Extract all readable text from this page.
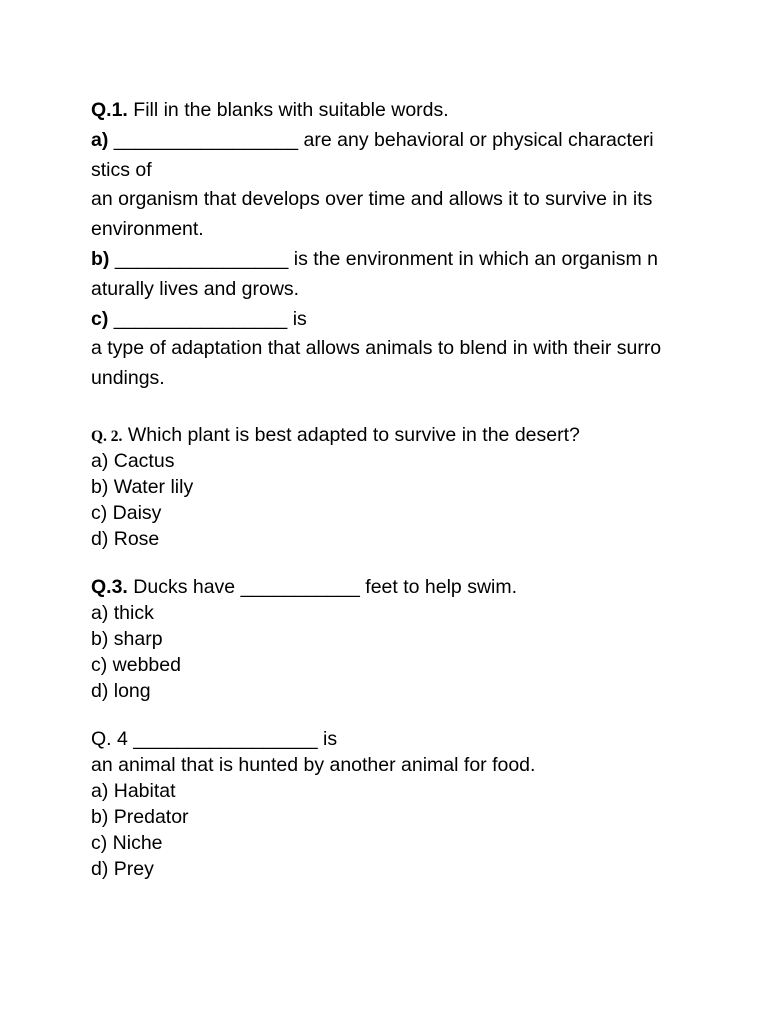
Q.1. Fill in the blanks with suitable words.
a) _________________ are any behavioral or physical characteri
stics of
an organism that develops over time and allows it to survive in its
environment.
b) ________________ is the environment in which an organism n
aturally lives and grows.
c) ________________ is
a type of adaptation that allows animals to blend in with their surro
undings.
Q. 2. Which plant is best adapted to survive in the desert?
a) Cactus
b) Water lily
c) Daisy
d) Rose
Q.3. Ducks have ___________ feet to help swim.
a) thick
b) sharp
c) webbed
d) long
Q. 4 _________________ is
an animal that is hunted by another animal for food.
a) Habitat
b) Predator
c) Niche
d) Prey
